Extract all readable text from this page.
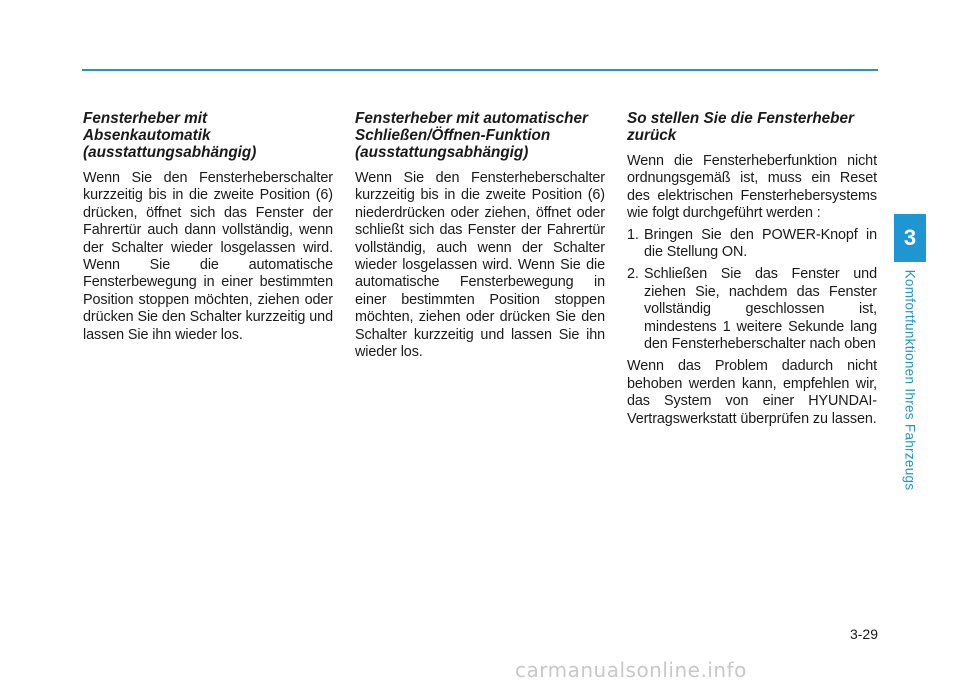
Fensterheber mit
Absenkautomatik
(ausstattungsabhängig)

Wenn Sie den Fensterheberschalter kurzzeitig bis in die zweite Position (6) drücken, öffnet sich das Fenster der Fahrertür auch dann vollständig, wenn der Schalter wieder losgelassen wird. Wenn Sie die automatische Fensterbewegung in einer bestimmten Position stoppen möchten, ziehen oder drücken Sie den Schalter kurzzeitig und lassen Sie ihn wieder los.

Fensterheber mit automatischer
Schließen/Öffnen-Funktion
(ausstattungsabhängig)

Wenn Sie den Fensterheberschalter kurzzeitig bis in die zweite Position (6) niederdrücken oder ziehen, öffnet oder schließt sich das Fenster der Fahrertür vollständig, auch wenn der Schalter wieder losgelassen wird. Wenn Sie die automatische Fensterbewegung in einer bestimmten Position stoppen möchten, ziehen oder drücken Sie den Schalter kurzzeitig und lassen Sie ihn wieder los.

So stellen Sie die Fensterheber
zurück

Wenn die Fensterheberfunktion nicht ordnungsgemäß ist, muss ein Reset des elektrischen Fensterhebersystems wie folgt durchgeführt werden :

1. Bringen Sie den POWER-Knopf in die Stellung ON.
2. Schließen Sie das Fenster und ziehen Sie, nachdem das Fenster vollständig geschlossen ist, mindestens 1 weitere Sekunde lang den Fensterheberschalter nach oben

Wenn das Problem dadurch nicht behoben werden kann, empfehlen wir, das System von einer HYUNDAI-Vertragswerkstatt überprüfen zu lassen.

3
Komfortfunktionen Ihres Fahrzeugs
3-29
carmanualsonline.info
